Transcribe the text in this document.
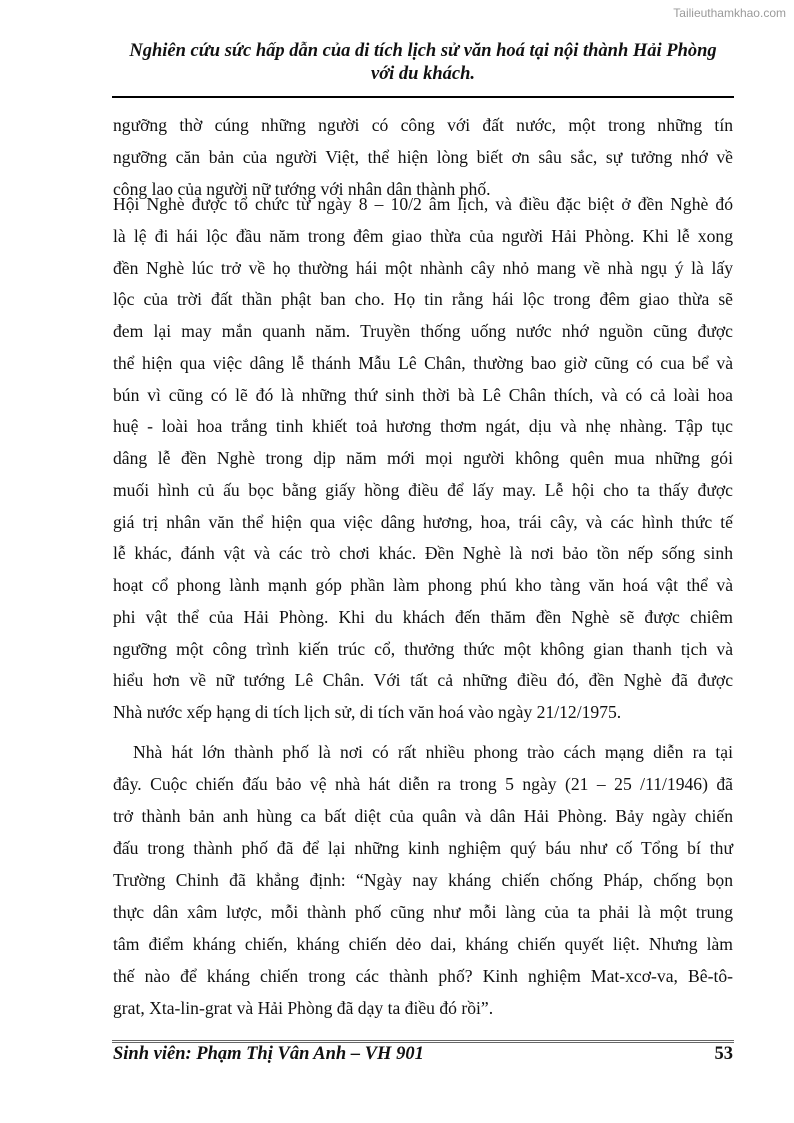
Tailieuthamkhao.com
Nghiên cứu sức hấp dẫn của di tích lịch sử văn hoá tại nội thành Hải Phòng
với du khách.
ngưỡng thờ cúng những người có công với đất nước, một trong những tín
ngưỡng căn bản của người Việt, thể hiện lòng biết ơn sâu sắc, sự tưởng nhớ về
công lao của người nữ tướng với nhân dân thành phố.
Hội Nghè được tổ chức từ ngày 8 – 10/2 âm lịch, và điều đặc biệt ở đền Nghè đó
là lệ đi hái lộc đầu năm trong đêm giao thừa của người Hải Phòng. Khi lễ xong
đền Nghè lúc trở về họ thường hái một nhành cây nhỏ mang về nhà ngụ ý là lấy
lộc của trời đất thần phật ban cho. Họ tin rằng hái lộc trong đêm giao thừa sẽ
đem lại may mắn quanh năm. Truyền thống uống nước nhớ nguồn cũng được
thể hiện qua việc dâng lễ thánh Mẫu Lê Chân, thường bao giờ cũng có cua bể và
bún vì cũng có lẽ đó là những thứ sinh thời bà Lê Chân thích, và có cả loài hoa
huệ - loài hoa trắng tinh khiết toả hương thơm ngát, dịu và nhẹ nhàng. Tập tục
dâng lễ đền Nghè trong dịp năm mới mọi người không quên mua những gói
muối hình củ ấu bọc bằng giấy hồng điều để lấy may. Lễ hội cho ta thấy được
giá trị nhân văn thể hiện qua việc dâng hương, hoa, trái cây, và các hình thức tế
lễ khác, đánh vật và các trò chơi khác. Đền Nghè là nơi bảo tồn nếp sống sinh
hoạt cổ phong lành mạnh góp phần làm phong phú kho tàng văn hoá vật thể và
phi vật thể của Hải Phòng. Khi du khách đến thăm đền Nghè sẽ được chiêm
ngưỡng một công trình kiến trúc cổ, thưởng thức một không gian thanh tịch và
hiểu hơn về nữ tướng Lê Chân. Với tất cả những điều đó, đền Nghè đã được
Nhà nước xếp hạng di tích lịch sử, di tích văn hoá vào ngày 21/12/1975.
Nhà hát lớn thành phố là nơi có rất nhiều phong trào cách mạng diễn ra tại
đây. Cuộc chiến đấu bảo vệ nhà hát diễn ra trong 5 ngày (21 – 25 /11/1946) đã
trở thành bản anh hùng ca bất diệt của quân và dân Hải Phòng. Bảy ngày chiến
đấu trong thành phố đã để lại những kinh nghiệm quý báu như cố Tổng bí thư
Trường Chinh đã khẳng định: “Ngày nay kháng chiến chống Pháp, chống bọn
thực dân xâm lược, mỗi thành phố cũng như mỗi làng của ta phải là một trung
tâm điểm kháng chiến, kháng chiến dẻo dai, kháng chiến quyết liệt. Nhưng làm
thế nào để kháng chiến trong các thành phố? Kinh nghiệm Mat-xcơ-va, Bê-tô-
grat, Xta-lin-grat và Hải Phòng đã dạy ta điều đó rồi”.
Sinh viên: Phạm Thị Vân Anh – VH 901	53
